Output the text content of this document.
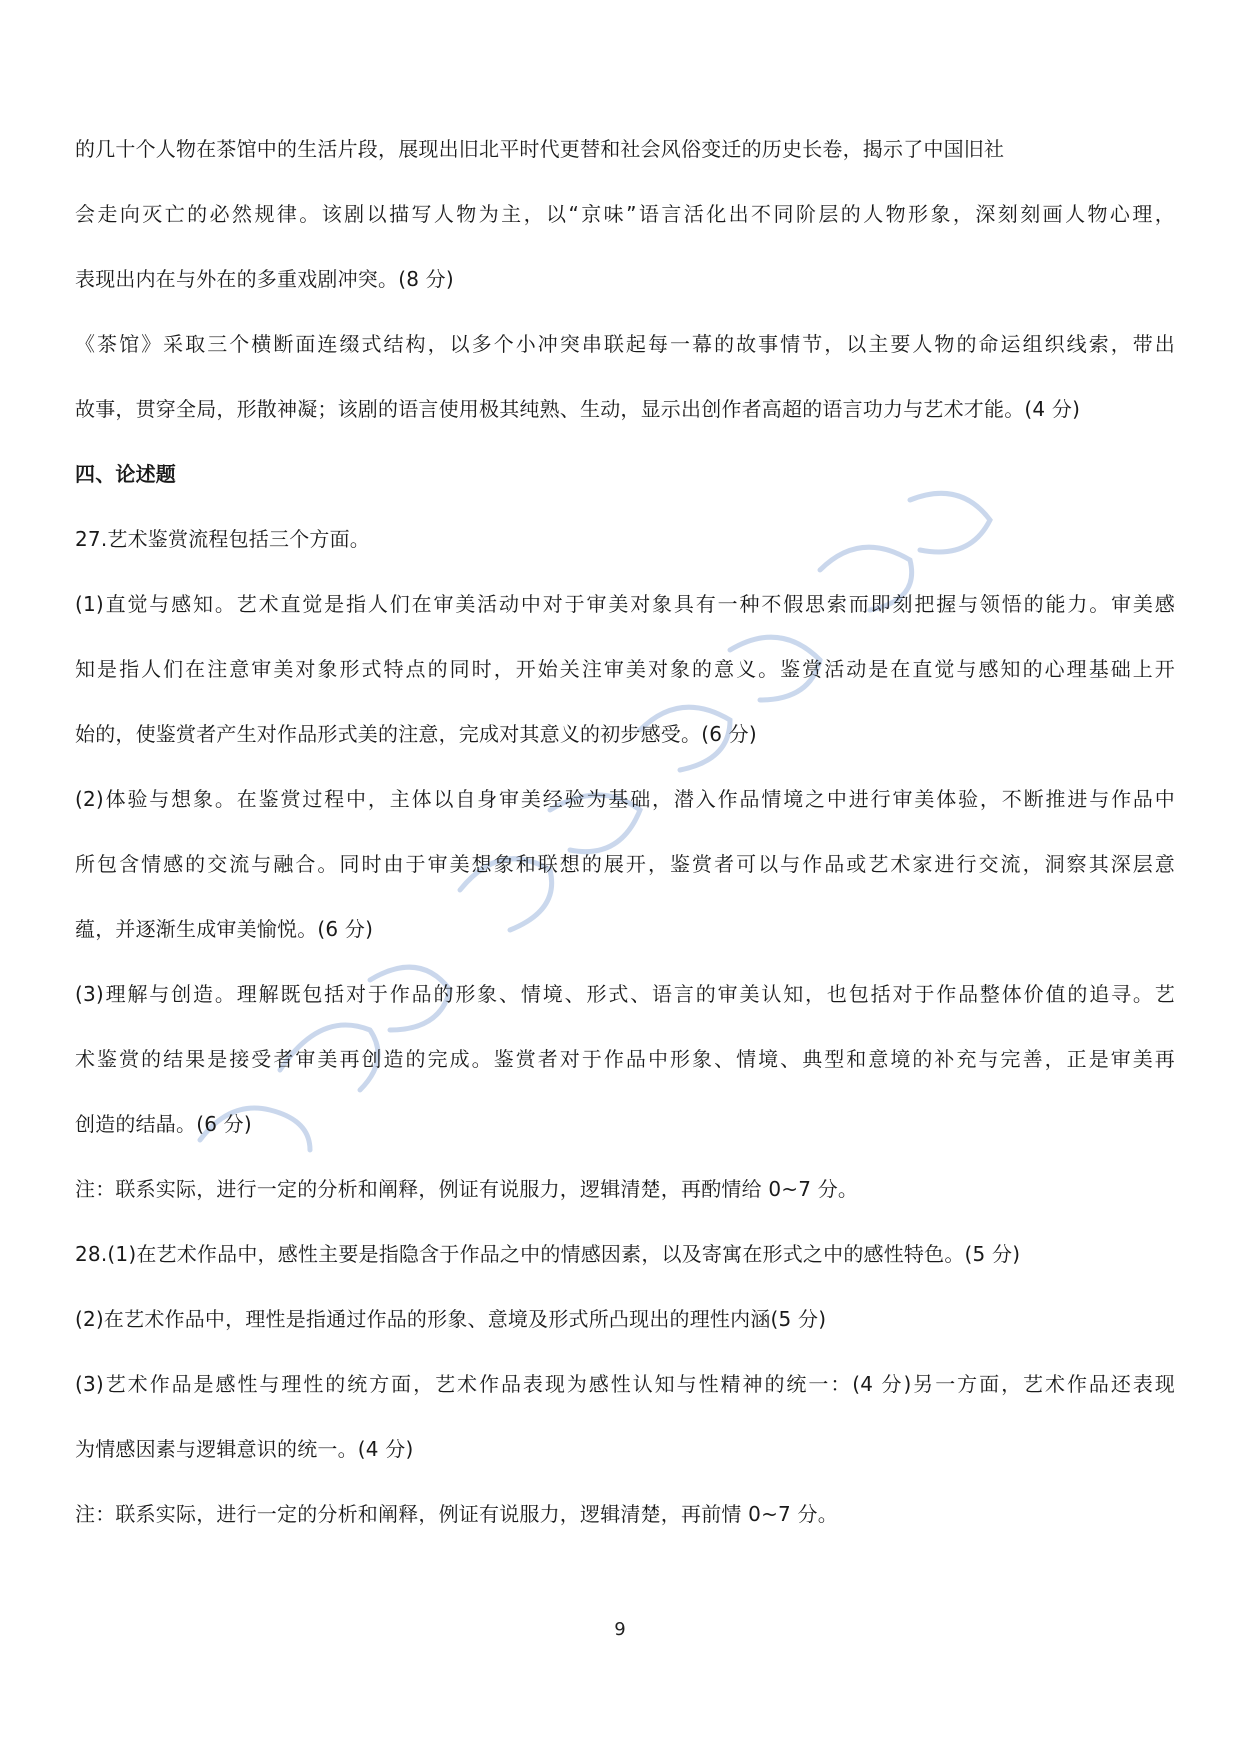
的几十个人物在茶馆中的生活片段，展现出旧北平时代更替和社会风俗变迁的历史长卷，揭示了中国旧社
会走向灭亡的必然规律。该剧以描写人物为主，以“京味”语言活化出不同阶层的人物形象，深刻刻画人物心理，
表现出内在与外在的多重戏剧冲突。(8 分)
《茶馆》采取三个横断面连缀式结构，以多个小冲突串联起每一幕的故事情节，以主要人物的命运组织线索，带出
故事，贯穿全局，形散神凝；该剧的语言使用极其纯熟、生动，显示出创作者高超的语言功力与艺术才能。(4 分)
四、论述题
27.艺术鉴赏流程包括三个方面。
(1)直觉与感知。艺术直觉是指人们在审美活动中对于审美对象具有一种不假思索而即刻把握与领悟的能力。审美感
知是指人们在注意审美对象形式特点的同时，开始关注审美对象的意义。鉴赏活动是在直觉与感知的心理基础上开
始的，使鉴赏者产生对作品形式美的注意，完成对其意义的初步感受。(6 分)
(2)体验与想象。在鉴赏过程中，主体以自身审美经验为基础，潜入作品情境之中进行审美体验，不断推进与作品中
所包含情感的交流与融合。同时由于审美想象和联想的展开，鉴赏者可以与作品或艺术家进行交流，洞察其深层意
蕴，并逐渐生成审美愉悦。(6 分)
(3)理解与创造。理解既包括对于作品的形象、情境、形式、语言的审美认知，也包括对于作品整体价值的追寻。艺
术鉴赏的结果是接受者审美再创造的完成。鉴赏者对于作品中形象、情境、典型和意境的补充与完善，正是审美再
创造的结晶。(6 分)
注：联系实际，进行一定的分析和阐释，例证有说服力，逻辑清楚，再酌情给 0~7 分。
28.(1)在艺术作品中，感性主要是指隐含于作品之中的情感因素，以及寄寓在形式之中的感性特色。(5 分)
(2)在艺术作品中，理性是指通过作品的形象、意境及形式所凸现出的理性内涵(5 分)
(3)艺术作品是感性与理性的统方面，艺术作品表现为感性认知与性精神的统一：(4 分)另一方面，艺术作品还表现
为情感因素与逻辑意识的统一。(4 分)
注：联系实际，进行一定的分析和阐释，例证有说服力，逻辑清楚，再前情 0~7 分。
9
